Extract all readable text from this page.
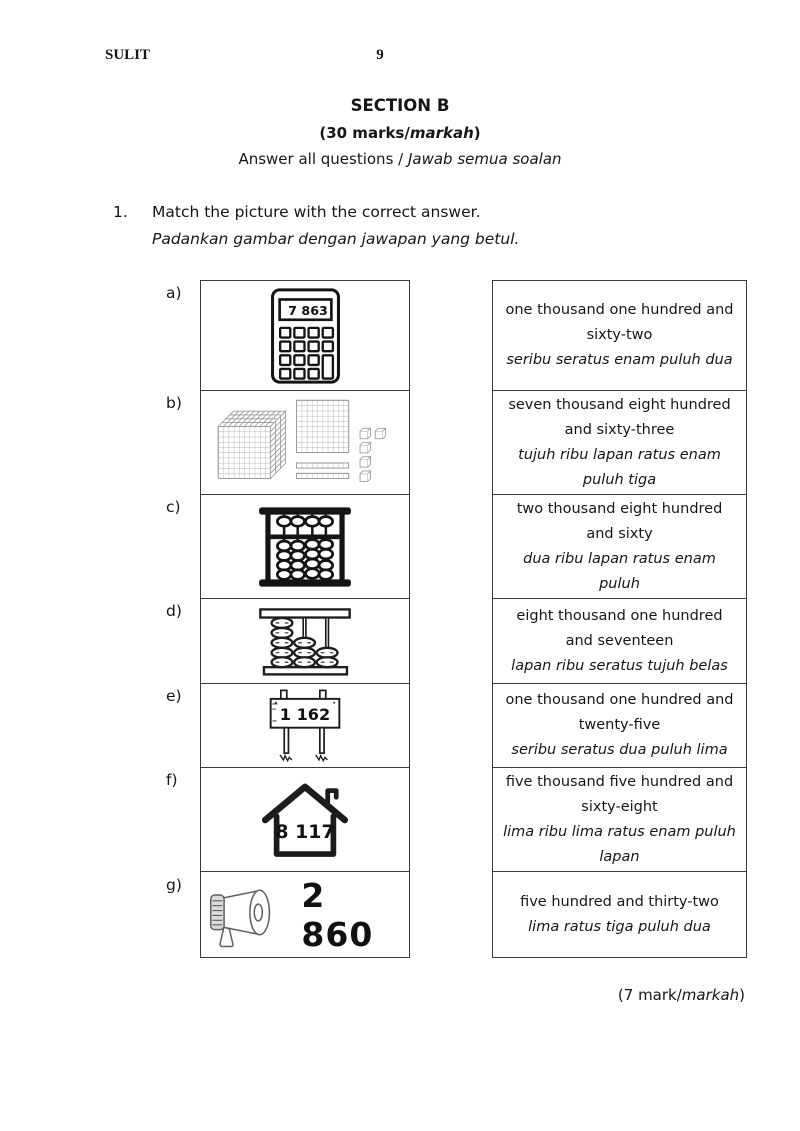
SULIT	9
SECTION B
(30 marks/markah)
Answer all questions / Jawab semua soalan
1. Match the picture with the correct answer.
Padankan gambar dengan jawapan yang betul.
a)
b)
c)
d)
e)
f)
g)
7 863
1 162
8 117
2 860
one thousand one hundred and sixty-two
seribu seratus enam puluh dua
seven thousand eight hundred and sixty-three
tujuh ribu lapan ratus enam puluh tiga
two thousand eight hundred and sixty
dua ribu lapan ratus enam puluh
eight thousand one hundred and seventeen
lapan ribu seratus tujuh belas
one thousand one hundred and twenty-five
seribu seratus dua puluh lima
five thousand five hundred and sixty-eight
lima ribu lima ratus enam puluh lapan
five hundred and thirty-two
lima ratus tiga puluh dua
(7 mark/markah)
